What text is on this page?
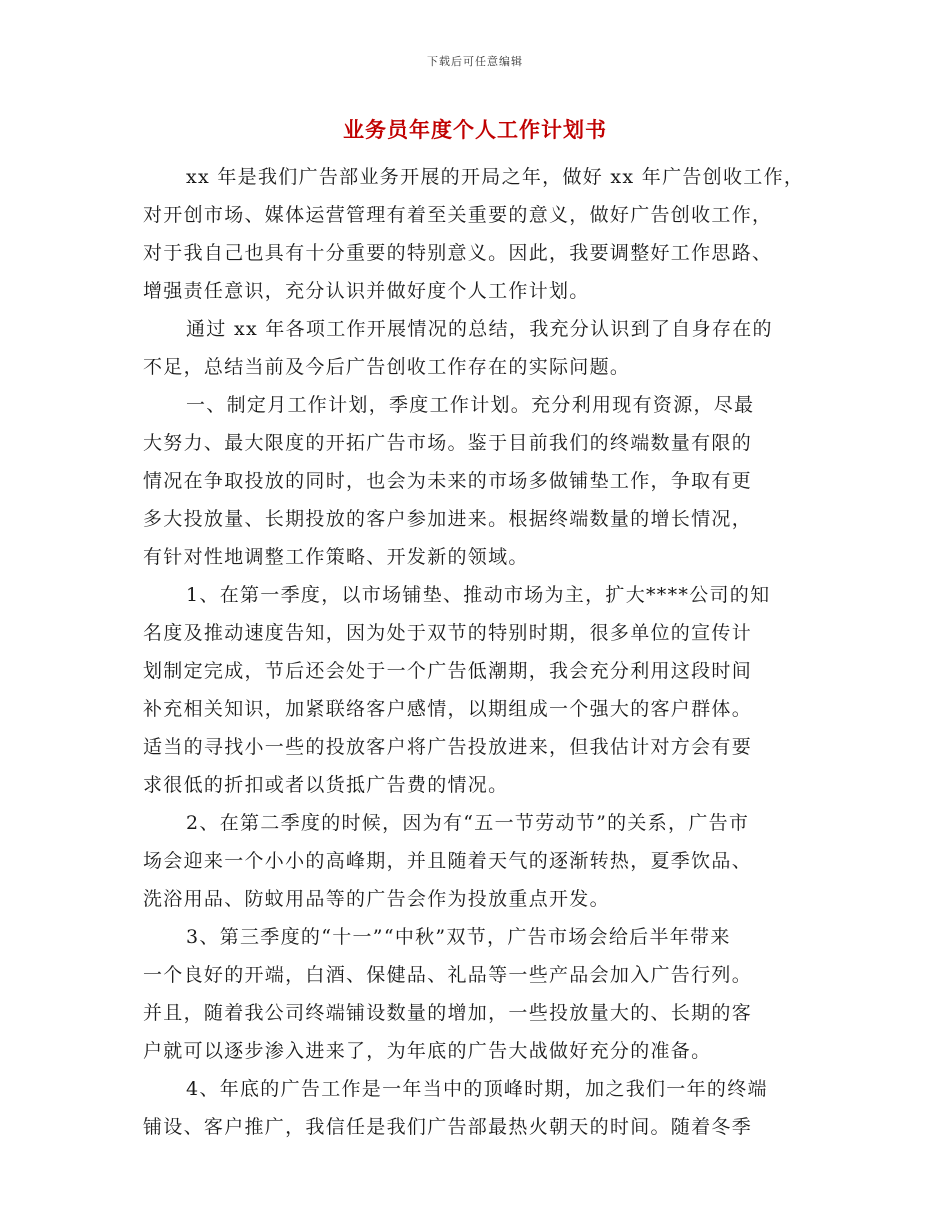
下载后可任意编辑
业务员年度个人工作计划书
xx 年是我们广告部业务开展的开局之年，做好 xx 年广告创收工作，
对开创市场、媒体运营管理有着至关重要的意义，做好广告创收工作，
对于我自己也具有十分重要的特别意义。因此，我要调整好工作思路、
增强责任意识，充分认识并做好度个人工作计划。
通过 xx 年各项工作开展情况的总结，我充分认识到了自身存在的
不足，总结当前及今后广告创收工作存在的实际问题。
一、制定月工作计划，季度工作计划。充分利用现有资源，尽最
大努力、最大限度的开拓广告市场。鉴于目前我们的终端数量有限的
情况在争取投放的同时，也会为未来的市场多做铺垫工作，争取有更
多大投放量、长期投放的客户参加进来。根据终端数量的增长情况，
有针对性地调整工作策略、开发新的领域。
1、在第一季度，以市场铺垫、推动市场为主，扩大****公司的知
名度及推动速度告知，因为处于双节的特别时期，很多单位的宣传计
划制定完成，节后还会处于一个广告低潮期，我会充分利用这段时间
补充相关知识，加紧联络客户感情，以期组成一个强大的客户群体。
适当的寻找小一些的投放客户将广告投放进来，但我估计对方会有要
求很低的折扣或者以货抵广告费的情况。
2、在第二季度的时候，因为有“五一节劳动节”的关系，广告市
场会迎来一个小小的高峰期，并且随着天气的逐渐转热，夏季饮品、
洗浴用品、防蚊用品等的广告会作为投放重点开发。
3、第三季度的“十一”“中秋”双节，广告市场会给后半年带来
一个良好的开端，白酒、保健品、礼品等一些产品会加入广告行列。
并且，随着我公司终端铺设数量的增加，一些投放量大的、长期的客
户就可以逐步渗入进来了，为年底的广告大战做好充分的准备。
4、年底的广告工作是一年当中的顶峰时期，加之我们一年的终端
铺设、客户推广，我信任是我们广告部最热火朝天的时间。随着冬季
